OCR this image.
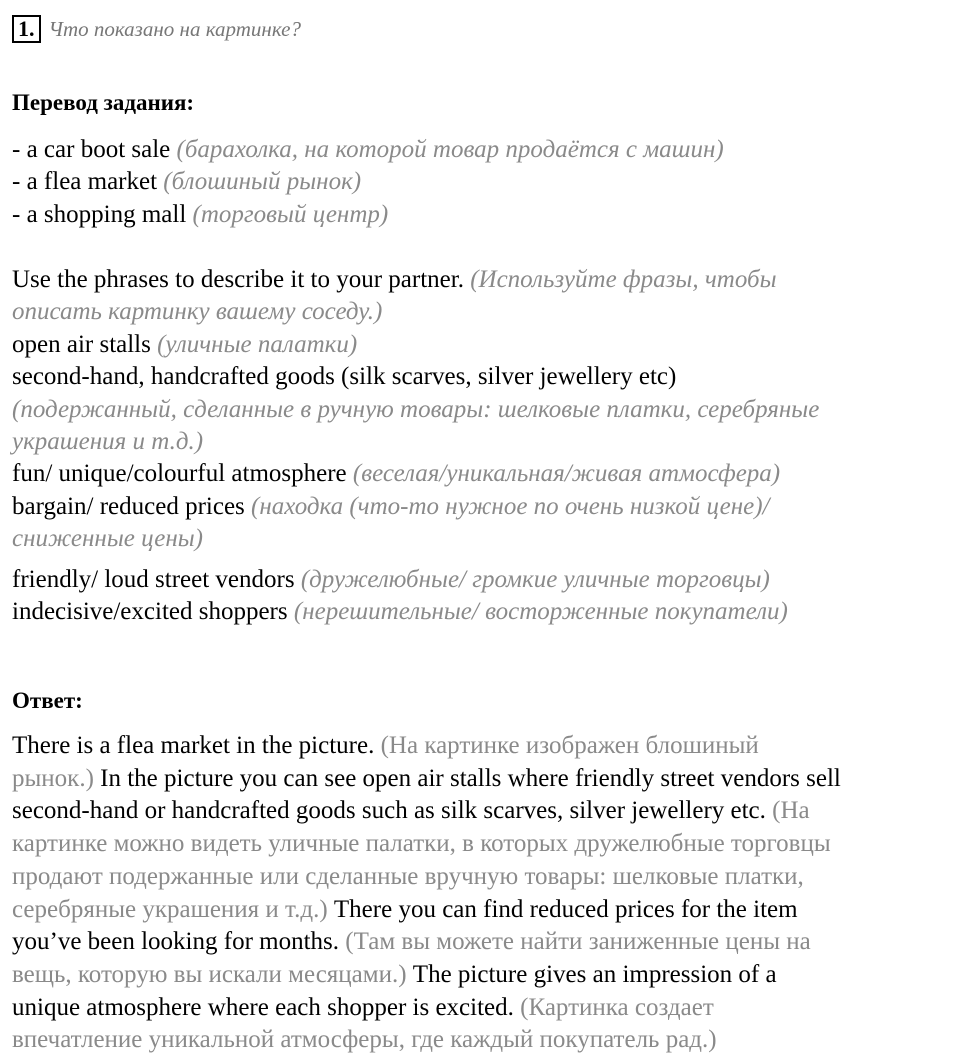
1. Что показано на картинке?
Перевод задания:
- a car boot sale (барахолка, на которой товар продаётся с машин)
- a flea market (блошиный рынок)
- a shopping mall (торговый центр)
Use the phrases to describe it to your partner. (Используйте фразы, чтобы
описать картинку вашему соседу.)
open air stalls (уличные палатки)
second-hand, handcrafted goods (silk scarves, silver jewellery etc)
(подержанный, сделанные в ручную товары: шелковые платки, серебряные
украшения и т.д.)
fun/ unique/colourful atmosphere (веселая/уникальная/живая атмосфера)
bargain/ reduced prices (находка (что-то нужное по очень низкой цене)/
сниженные цены)
friendly/ loud street vendors (дружелюбные/ громкие уличные торговцы)
indecisive/excited shoppers (нерешительные/ восторженные покупатели)
Ответ:
There is a flea market in the picture. (На картинке изображен блошиный
рынок.) In the picture you can see open air stalls where friendly street vendors sell
second-hand or handcrafted goods such as silk scarves, silver jewellery etc. (На
картинке можно видеть уличные палатки, в которых дружелюбные торговцы
продают подержанные или сделанные вручную товары: шелковые платки,
серебряные украшения и т.д.) There you can find reduced prices for the item
you’ve been looking for months. (Там вы можете найти заниженные цены на
вещь, которую вы искали месяцами.) The picture gives an impression of a
unique atmosphere where each shopper is excited. (Картинка создает
впечатление уникальной атмосферы, где каждый покупатель рад.)
